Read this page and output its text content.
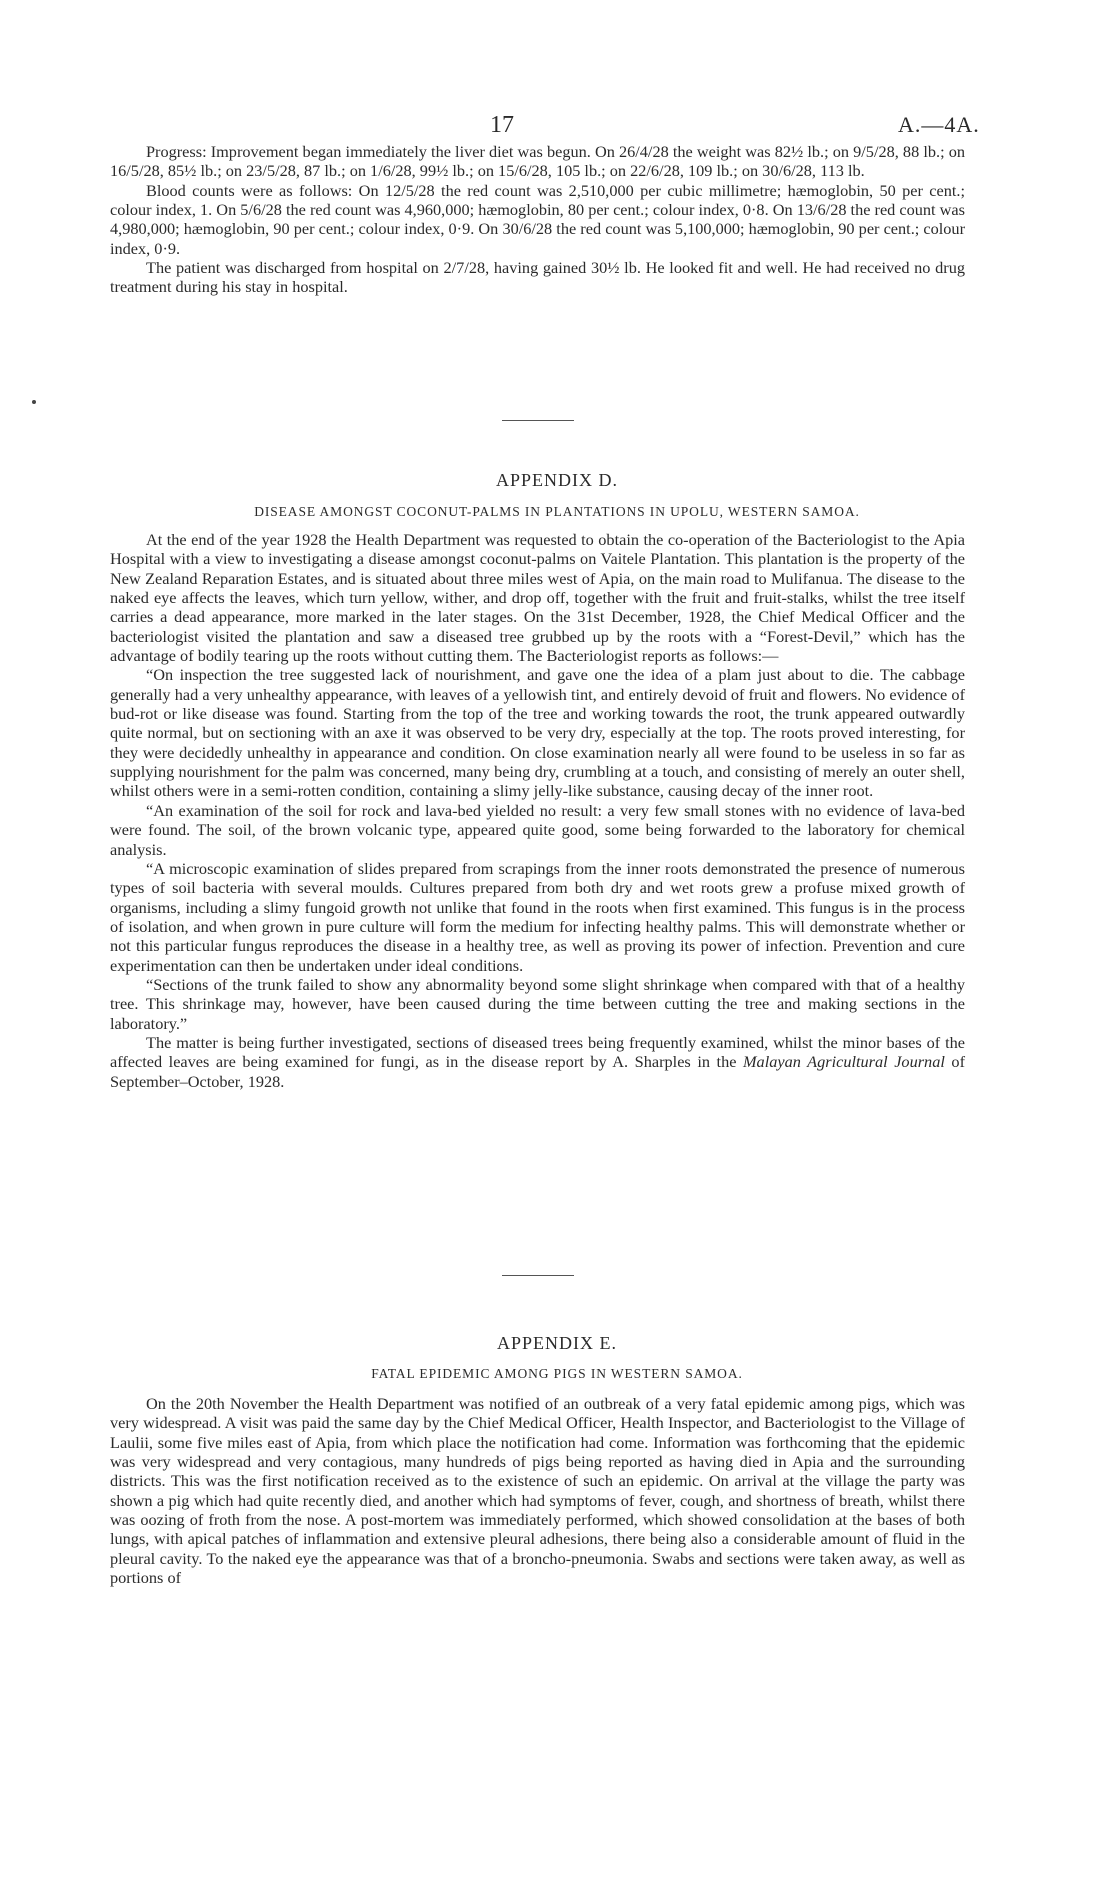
17	A.—4A.

Progress: Improvement began immediately the liver diet was begun. On 26/4/28 the weight was 82½ lb.; on 9/5/28, 88 lb.; on 16/5/28, 85½ lb.; on 23/5/28, 87 lb.; on 1/6/28, 99½ lb.; on 15/6/28, 105 lb.; on 22/6/28, 109 lb.; on 30/6/28, 113 lb.

Blood counts were as follows: On 12/5/28 the red count was 2,510,000 per cubic millimetre; hæmoglobin, 50 per cent.; colour index, 1. On 5/6/28 the red count was 4,960,000; hæmoglobin, 80 per cent.; colour index, 0·8. On 13/6/28 the red count was 4,980,000; hæmoglobin, 90 per cent.; colour index, 0·9. On 30/6/28 the red count was 5,100,000; hæmoglobin, 90 per cent.; colour index, 0·9.

The patient was discharged from hospital on 2/7/28, having gained 30½ lb. He looked fit and well. He had received no drug treatment during his stay in hospital.

APPENDIX D.
DISEASE AMONGST COCONUT-PALMS IN PLANTATIONS IN UPOLU, WESTERN SAMOA.

At the end of the year 1928 the Health Department was requested to obtain the co-operation of the Bacteriologist to the Apia Hospital with a view to investigating a disease amongst coconut-palms on Vaitele Plantation. This plantation is the property of the New Zealand Reparation Estates, and is situated about three miles west of Apia, on the main road to Mulifanua. The disease to the naked eye affects the leaves, which turn yellow, wither, and drop off, together with the fruit and fruit-stalks, whilst the tree itself carries a dead appearance, more marked in the later stages. On the 31st December, 1928, the Chief Medical Officer and the bacteriologist visited the plantation and saw a diseased tree grubbed up by the roots with a “Forest-Devil,” which has the advantage of bodily tearing up the roots without cutting them. The Bacteriologist reports as follows:—

“On inspection the tree suggested lack of nourishment, and gave one the idea of a plam just about to die. The cabbage generally had a very unhealthy appearance, with leaves of a yellowish tint, and entirely devoid of fruit and flowers. No evidence of bud-rot or like disease was found. Starting from the top of the tree and working towards the root, the trunk appeared outwardly quite normal, but on sectioning with an axe it was observed to be very dry, especially at the top. The roots proved interesting, for they were decidedly unhealthy in appearance and condition. On close examination nearly all were found to be useless in so far as supplying nourishment for the palm was concerned, many being dry, crumbling at a touch, and consisting of merely an outer shell, whilst others were in a semi-rotten condition, containing a slimy jelly-like substance, causing decay of the inner root.

“An examination of the soil for rock and lava-bed yielded no result: a very few small stones with no evidence of lava-bed were found. The soil, of the brown volcanic type, appeared quite good, some being forwarded to the laboratory for chemical analysis.

“A microscopic examination of slides prepared from scrapings from the inner roots demonstrated the presence of numerous types of soil bacteria with several moulds. Cultures prepared from both dry and wet roots grew a profuse mixed growth of organisms, including a slimy fungoid growth not unlike that found in the roots when first examined. This fungus is in the process of isolation, and when grown in pure culture will form the medium for infecting healthy palms. This will demonstrate whether or not this particular fungus reproduces the disease in a healthy tree, as well as proving its power of infection. Prevention and cure experimentation can then be undertaken under ideal conditions.

“Sections of the trunk failed to show any abnormality beyond some slight shrinkage when compared with that of a healthy tree. This shrinkage may, however, have been caused during the time between cutting the tree and making sections in the laboratory.”

The matter is being further investigated, sections of diseased trees being frequently examined, whilst the minor bases of the affected leaves are being examined for fungi, as in the disease report by A. Sharples in the Malayan Agricultural Journal of September–October, 1928.

APPENDIX E.
FATAL EPIDEMIC AMONG PIGS IN WESTERN SAMOA.

On the 20th November the Health Department was notified of an outbreak of a very fatal epidemic among pigs, which was very widespread. A visit was paid the same day by the Chief Medical Officer, Health Inspector, and Bacteriologist to the Village of Laulii, some five miles east of Apia, from which place the notification had come. Information was forthcoming that the epidemic was very widespread and very contagious, many hundreds of pigs being reported as having died in Apia and the surrounding districts. This was the first notification received as to the existence of such an epidemic. On arrival at the village the party was shown a pig which had quite recently died, and another which had symptoms of fever, cough, and shortness of breath, whilst there was oozing of froth from the nose. A post-mortem was immediately performed, which showed consolidation at the bases of both lungs, with apical patches of inflammation and extensive pleural adhesions, there being also a considerable amount of fluid in the pleural cavity. To the naked eye the appearance was that of a broncho-pneumonia. Swabs and sections were taken away, as well as portions of
